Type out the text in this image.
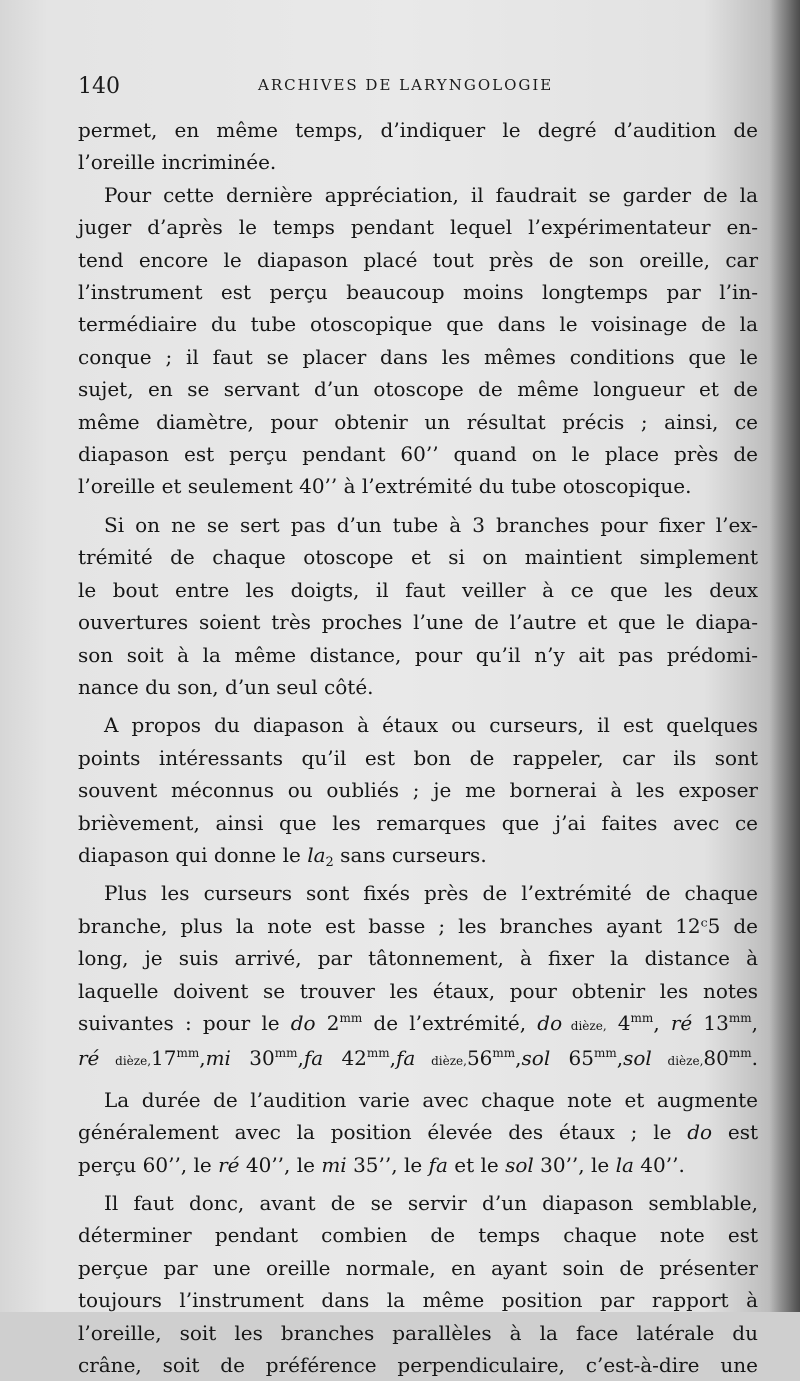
140	ARCHIVES DE LARYNGOLOGIE

permet, en même temps, d’indiquer le degré d’audition de
l’oreille incriminée.

Pour cette dernière appréciation, il faudrait se garder de la
juger d’après le temps pendant lequel l’expérimentateur en-
tend encore le diapason placé tout près de son oreille, car
l’instrument est perçu beaucoup moins longtemps par l’in-
termédiaire du tube otoscopique que dans le voisinage de la
conque ; il faut se placer dans les mêmes conditions que le
sujet, en se servant d’un otoscope de même longueur et de
même diamètre, pour obtenir un résultat précis ; ainsi, ce
diapason est perçu pendant 60’’ quand on le place près de
l’oreille et seulement 40’’ à l’extrémité du tube otoscopique.

Si on ne se sert pas d’un tube à 3 branches pour fixer l’ex-
trémité de chaque otoscope et si on maintient simplement
le bout entre les doigts, il faut veiller à ce que les deux
ouvertures soient très proches l’une de l’autre et que le diapa-
son soit à la même distance, pour qu’il n’y ait pas prédomi-
nance du son, d’un seul côté.

A propos du diapason à étaux ou curseurs, il est quelques
points intéressants qu’il est bon de rappeler, car ils sont
souvent méconnus ou oubliés ; je me bornerai à les exposer
brièvement, ainsi que les remarques que j’ai faites avec ce
diapason qui donne le $la_2$ sans curseurs.

Plus les curseurs sont fixés près de l’extrémité de chaque
branche, plus la note est basse ; les branches ayant 12ᶜ5 de
long, je suis arrivé, par tâtonnement, à fixer la distance à
laquelle doivent se trouver les étaux, pour obtenir les notes
suivantes : pour le do $2^{mm}$ de l’extrémité, do dièze, $4^{mm}$, ré $13^{mm}$,
ré $dièze,17^{mm},mi$ $30^{mm},fa$ $42^{mm},fa$ $dièze,56^{mm},sol$ $65^{mm},sol$ $dièze,80^{mm}$.

La durée de l’audition varie avec chaque note et augmente
généralement avec la position élevée des étaux ; le do est
perçu 60’’, le ré 40’’, le mi 35’’, le fa et le sol 30’’, le la 40’’.

Il faut donc, avant de se servir d’un diapason semblable,
déterminer pendant combien de temps chaque note est
perçue par une oreille normale, en ayant soin de présenter
toujours l’instrument dans la même position par rapport à
l’oreille, soit les branches parallèles à la face latérale du
crâne, soit de préférence perpendiculaire, c’est-à-dire une
